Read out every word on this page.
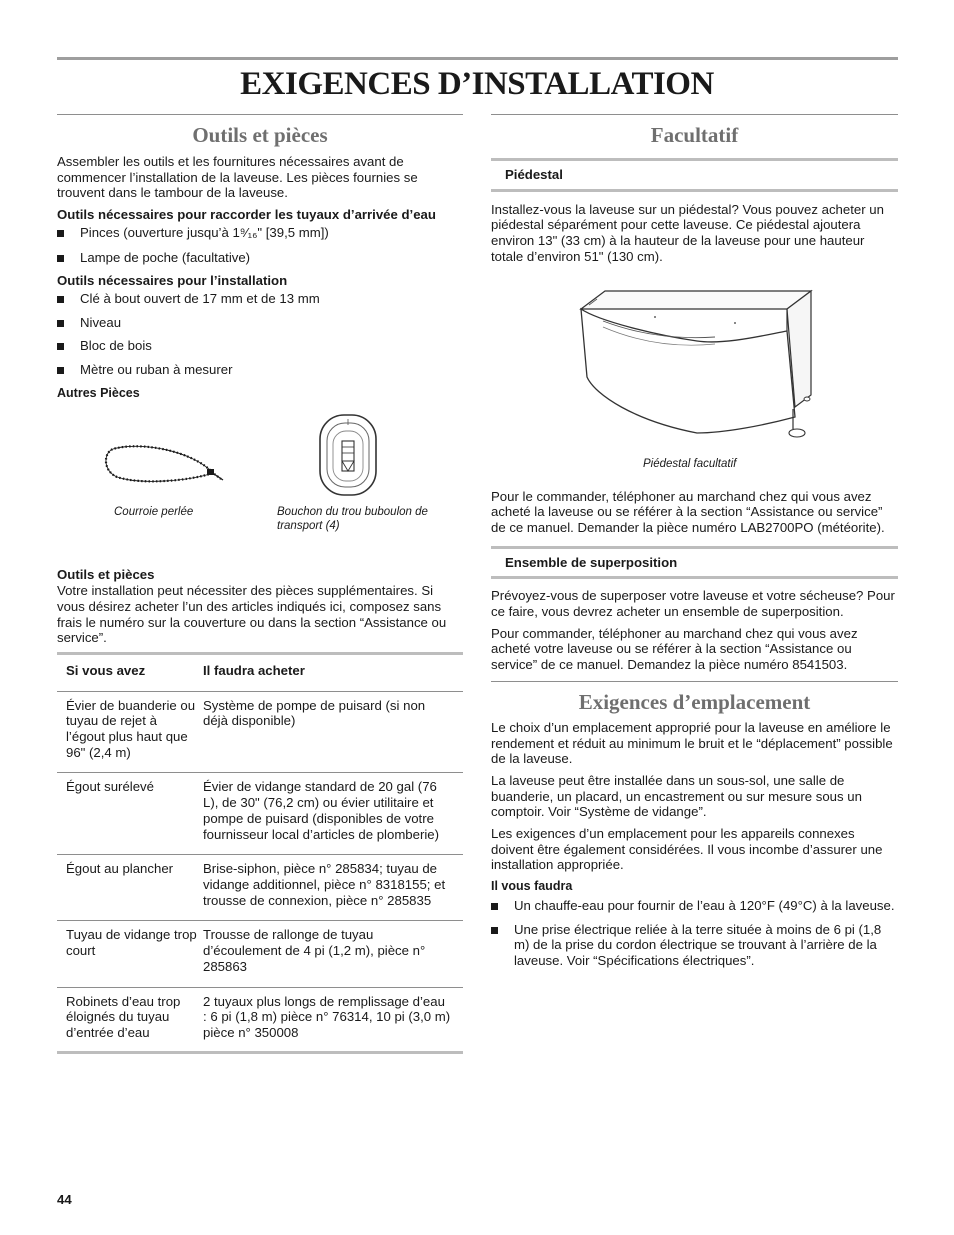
EXIGENCES D’INSTALLATION
Outils et pièces

Assembler les outils et les fournitures nécessaires avant de commencer l’installation de la laveuse. Les pièces fournies se trouvent dans le tambour de la laveuse.

Outils nécessaires pour raccorder les tuyaux d’arrivée d’eau
Pinces (ouverture jusqu’à 1⁹⁄₁₆" [39,5 mm])
Lampe de poche (facultative)
Outils nécessaires pour l’installation
Clé à bout ouvert de 17 mm et de 13 mm
Niveau
Bloc de bois
Mètre ou ruban à mesurer
Autres Pièces
Courroie perlée	Bouchon du trou buboulon de transport (4)
Outils et pièces

Votre installation peut nécessiter des pièces supplémentaires. Si vous désirez acheter l’un des articles indiqués ici, composez sans frais le numéro sur la couverture ou dans la section “Assistance ou service”.

Si vous avez	Il faudra acheter
Évier de buanderie ou tuyau de rejet à l’égout plus haut que 96" (2,4 m)	Système de pompe de puisard (si non déjà disponible)
Égout surélevé	Évier de vidange standard de 20 gal (76 L), de 30" (76,2 cm) ou évier utilitaire et pompe de puisard (disponibles de votre fournisseur local d’articles de plomberie)
Égout au plancher	Brise-siphon, pièce n° 285834; tuyau de vidange additionnel, pièce n° 8318155; et trousse de connexion, pièce n° 285835
Tuyau de vidange trop court	Trousse de rallonge de tuyau d’écoulement de 4 pi (1,2 m), pièce n° 285863
Robinets d’eau trop éloignés du tuyau d’entrée d’eau	2 tuyaux plus longs de remplissage d’eau : 6 pi (1,8 m) pièce n° 76314, 10 pi (3,0 m) pièce n° 350008
Facultatif
Piédestal

Installez-vous la laveuse sur un piédestal? Vous pouvez acheter un piédestal séparément pour cette laveuse. Ce piédestal ajoutera environ 13" (33 cm) à la hauteur de la laveuse pour une hauteur totale d’environ 51" (130 cm).

Piédestal facultatif

Pour le commander, téléphoner au marchand chez qui vous avez acheté la laveuse ou se référer à la section “Assistance ou service” de ce manuel. Demander la pièce numéro LAB2700PO (météorite).

Ensemble de superposition

Prévoyez-vous de superposer votre laveuse et votre sécheuse? Pour ce faire, vous devrez acheter un ensemble de superposition.

Pour commander, téléphoner au marchand chez qui vous avez acheté votre laveuse ou se référer à la section “Assistance ou service” de ce manuel. Demandez la pièce numéro 8541503.

Exigences d’emplacement

Le choix d’un emplacement approprié pour la laveuse en améliore le rendement et réduit au minimum le bruit et le “déplacement” possible de la laveuse.

La laveuse peut être installée dans un sous-sol, une salle de buanderie, un placard, un encastrement ou sur mesure sous un comptoir. Voir “Système de vidange”.

Les exigences d’un emplacement pour les appareils connexes doivent être également considérées. Il vous incombe d’assurer une installation appropriée.

Il vous faudra
Un chauffe-eau pour fournir de l’eau à 120°F (49°C) à la laveuse.
Une prise électrique reliée à la terre située à moins de 6 pi (1,8 m) de la prise du cordon électrique se trouvant à l’arrière de la laveuse. Voir “Spécifications électriques”.
44
